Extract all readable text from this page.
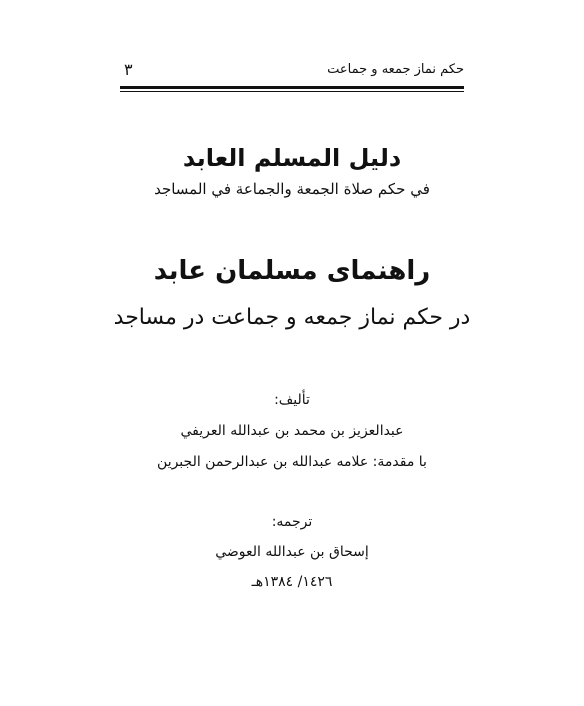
حكم نماز جمعه و جماعت
٣
دليل المسلم العابد
في حكم صلاة الجمعة والجماعة في المساجد
راهنمای مسلمان عابد
در حكم نماز جمعه و جماعت در مساجد
تأليف:
عبدالعزيز بن محمد بن عبدالله العريفي
با مقدمة: علامه عبدالله بن عبدالرحمن الجبرين
ترجمه:
إسحاق بن عبدالله العوضي
١٤٢٦/ ١٣٨٤هـ
